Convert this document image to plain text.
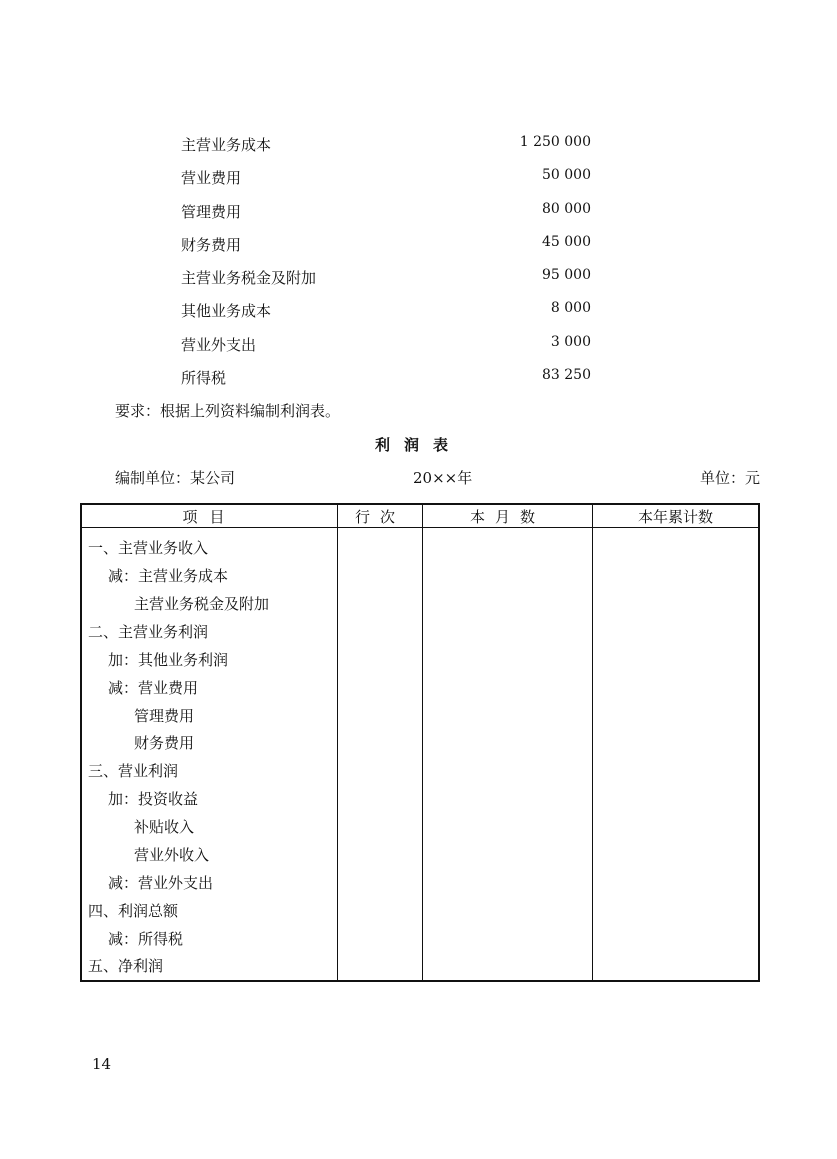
主营业务成本	1 250 000
营业费用	50 000
管理费用	80 000
财务费用	45 000
主营业务税金及附加	95 000
其他业务成本	8 000
营业外支出	3 000
所得税	83 250
要求：根据上列资料编制利润表。
利润表
编制单位：某公司	20××年	单位：元
项目	行次	本月数	本年累计数
一、主营业务收入			
减：主营业务成本			
主营业务税金及附加			
二、主营业务利润			
加：其他业务利润			
减：营业费用			
管理费用			
财务费用			
三、营业利润			
加：投资收益			
补贴收入			
营业外收入			
减：营业外支出			
四、利润总额			
减：所得税			
五、净利润			
14
